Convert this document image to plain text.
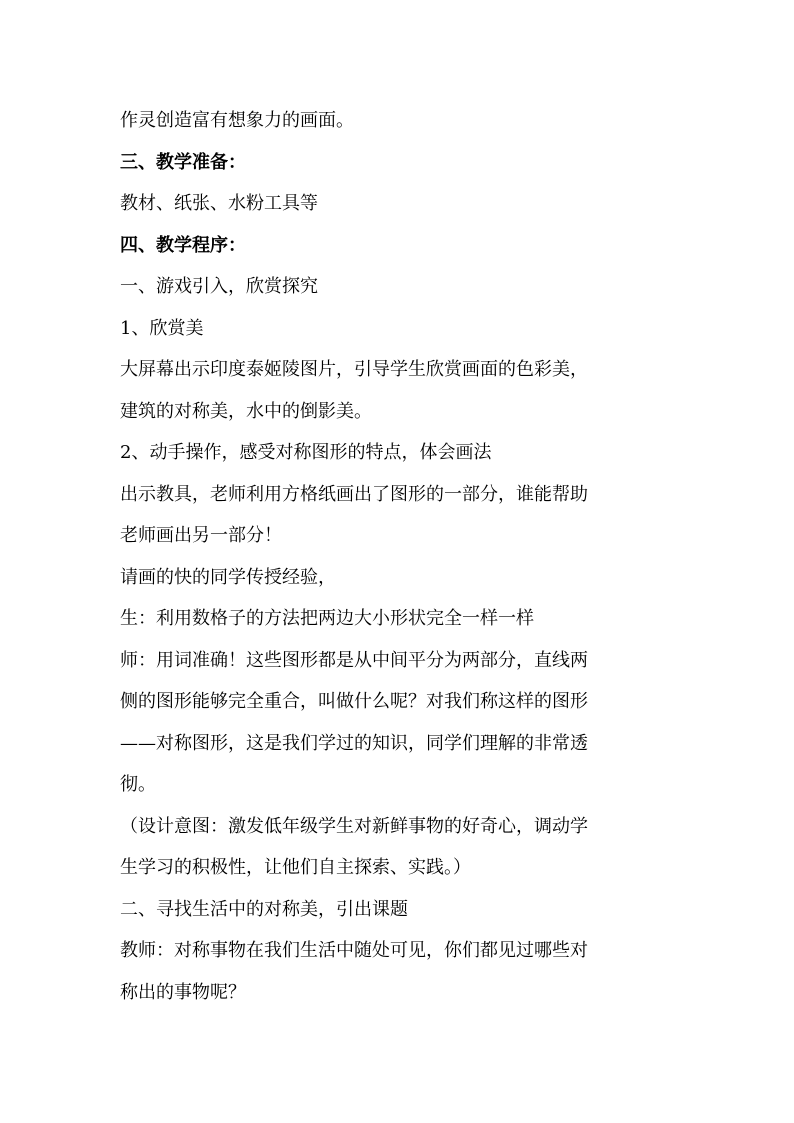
作灵创造富有想象力的画面。

三、教学准备：

教材、纸张、水粉工具等

四、教学程序：

一、游戏引入，欣赏探究

1、欣赏美

大屏幕出示印度泰姬陵图片，引导学生欣赏画面的色彩美，

建筑的对称美，水中的倒影美。

2、动手操作，感受对称图形的特点，体会画法

出示教具，老师利用方格纸画出了图形的一部分，谁能帮助

老师画出另一部分！

请画的快的同学传授经验，

生：利用数格子的方法把两边大小形状完全一样一样

师：用词准确！这些图形都是从中间平分为两部分，直线两

侧的图形能够完全重合，叫做什么呢？对我们称这样的图形

——对称图形，这是我们学过的知识，同学们理解的非常透

彻。

（设计意图：激发低年级学生对新鲜事物的好奇心，调动学

生学习的积极性，让他们自主探索、实践。）

二、寻找生活中的对称美，引出课题

教师：对称事物在我们生活中随处可见，你们都见过哪些对

称出的事物呢？
